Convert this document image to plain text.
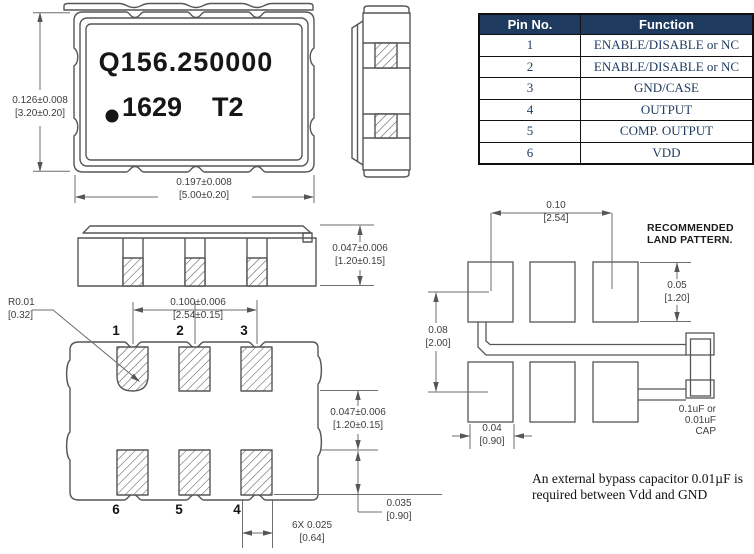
Q156.250000
1629 T2
0.126±0.008
[3.20±0.20]
0.197±0.008
[5.00±0.20]
0.047±0.006
[1.20±0.15]
R0.01
[0.32]
0.100±0.006
[2.54±0.15]
0.047±0.006
[1.20±0.15]
0.035
[0.90]
6X 0.025
[0.64]
1	2	3
6	5	4
RECOMMENDED
LAND PATTERN.
0.10
[2.54]
0.05
[1.20]
0.08
[2.00]
0.04
[0.90]
0.1uF or
0.01uF
CAP
An external bypass capacitor 0.01µF is
required between Vdd and GND
Pin No.	Function
1	ENABLE/DISABLE or NC
2	ENABLE/DISABLE or NC
3	GND/CASE
4	OUTPUT
5	COMP. OUTPUT
6	VDD
